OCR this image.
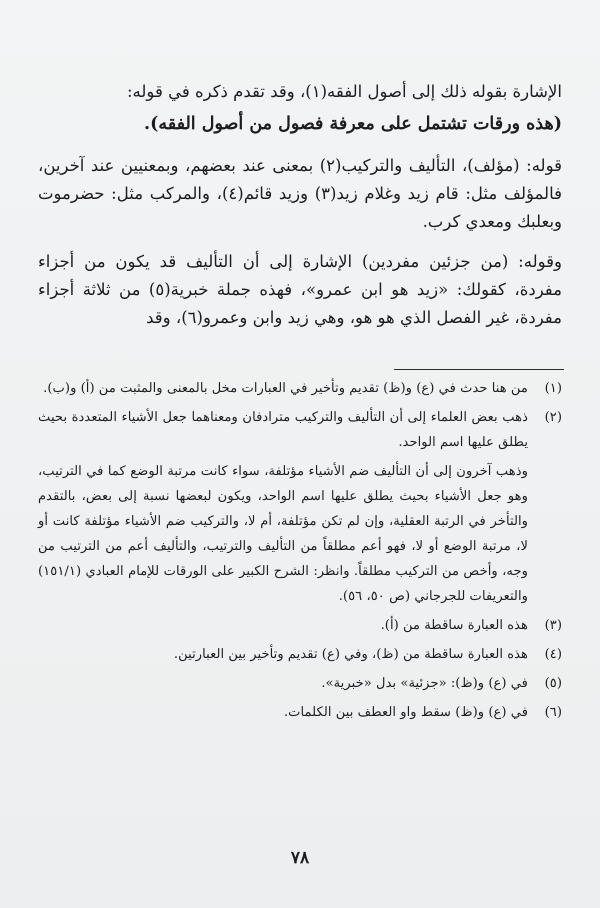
الإشارة بقوله ذلك إلى أصول الفقه(١)، وقد تقدم ذكره في قوله:

(هذه ورقات تشتمل على معرفة فصول من أصول الفقه).

قوله: (مؤلف)، التأليف والتركيب(٢) بمعنى عند بعضهم، وبمعنيين عند آخرين، فالمؤلف مثل: قام زيد وغلام زيد(٣) وزيد قائم(٤)، والمركب مثل: حضرموت وبعلبك ومعدي كرب.

وقوله: (من جزئين مفردين) الإشارة إلى أن التأليف قد يكون من أجزاء مفردة، كقولك: «زيد هو ابن عمرو»، فهذه جملة خبرية(٥) من ثلاثة أجزاء مفردة، غير الفصل الذي هو هو، وهي زيد وابن وعمرو(٦)، وقد

(١)
من هنا حدث في (ع) و(ظ) تقديم وتأخير في العبارات مخل بالمعنى والمثبت من (أ) و(ب).
(٢)
ذهب بعض العلماء إلى أن التأليف والتركيب مترادفان ومعناهما جعل الأشياء المتعددة بحيث يطلق عليها اسم الواحد.
وذهب آخرون إلى أن التأليف ضم الأشياء مؤتلفة، سواء كانت مرتبة الوضع كما في الترتيب، وهو جعل الأشياء بحيث يطلق عليها اسم الواحد، ويكون لبعضها نسبة إلى بعض، بالتقدم والتأخر في الرتبة العقلية، وإن لم تكن مؤتلفة، أم لا، والتركيب ضم الأشياء مؤتلفة كانت أو لا، مرتبة الوضع أو لا، فهو أعم مطلقاً من التأليف والترتيب، والتأليف أعم من الترتيب من وجه، وأخص من التركيب مطلقاً. وانظر: الشرح الكبير على الورقات للإمام العبادي (١٥١/١) والتعريفات للجرجاني (ص ٥٠، ٥٦).
(٣)
هذه العبارة ساقطة من (أ).
(٤)
هذه العبارة ساقطة من (ظ)، وفي (ع) تقديم وتأخير بين العبارتين.
(٥)
في (ع) و(ظ): «جزئية» بدل «خبرية».
(٦)
في (ع) و(ظ) سقط واو العطف بين الكلمات.
٧٨
